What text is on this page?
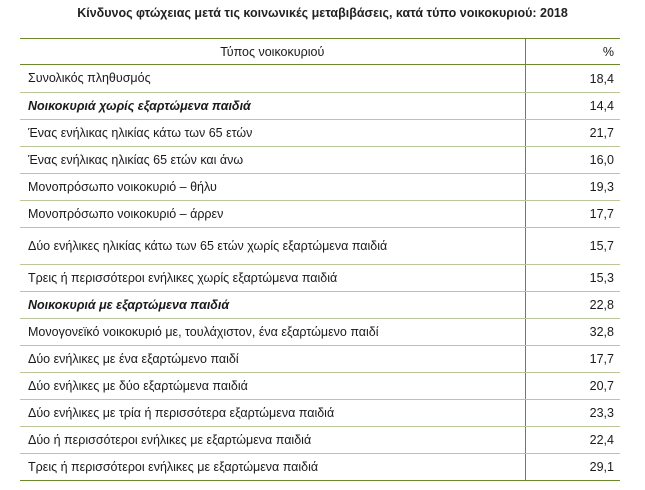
Κίνδυνος φτώχειας μετά τις κοινωνικές μεταβιβάσεις, κατά τύπο νοικοκυριού: 2018
Τύπος νοικοκυριού	%
Συνολικός πληθυσμός	18,4
Νοικοκυριά χωρίς εξαρτώμενα παιδιά	14,4
Ένας ενήλικας ηλικίας κάτω των 65 ετών	21,7
Ένας ενήλικας ηλικίας 65 ετών και άνω	16,0
Μονοπρόσωπο νοικοκυριό – θήλυ	19,3
Μονοπρόσωπο νοικοκυριό – άρρεν	17,7
Δύο ενήλικες ηλικίας κάτω των 65 ετών χωρίς εξαρτώμενα παιδιά	15,7
Τρεις ή περισσότεροι ενήλικες χωρίς εξαρτώμενα παιδιά	15,3
Νοικοκυριά με εξαρτώμενα παιδιά	22,8
Μονογονεϊκό νοικοκυριό με, τουλάχιστον, ένα εξαρτώμενο παιδί	32,8
Δύο ενήλικες με ένα εξαρτώμενο παιδί	17,7
Δύο ενήλικες με δύο εξαρτώμενα παιδιά	20,7
Δύο ενήλικες με τρία ή περισσότερα εξαρτώμενα παιδιά	23,3
Δύο ή περισσότεροι ενήλικες με εξαρτώμενα παιδιά	22,4
Τρεις ή περισσότεροι ενήλικες με εξαρτώμενα παιδιά	29,1
